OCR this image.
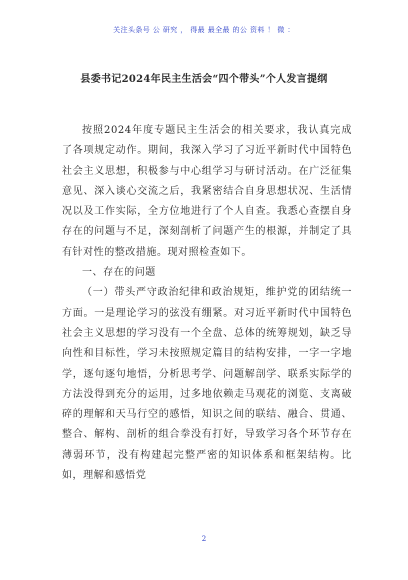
关注头条号 公 研究 ， 得最 最全最 的公 资料 ！ 微 ：
县委书记2024年民主生活会“四个带头”个人发言提纲

按照2024年度专题民主生活会的相关要求，我认真完成了各项规定动作。期间，我深入学习了习近平新时代中国特色社会主义思想，积极参与中心组学习与研讨活动。在广泛征集意见、深入谈心交流之后，我紧密结合自身思想状况、生活情况以及工作实际，全方位地进行了个人自查。我悉心查摆自身存在的问题与不足，深刻剖析了问题产生的根源，并制定了具有针对性的整改措施。现对照检查如下。

一、存在的问题

（一）带头严守政治纪律和政治规矩，维护党的团结统一方面。一是理论学习的弦没有绷紧。对习近平新时代中国特色社会主义思想的学习没有一个全盘、总体的统筹规划，缺乏导向性和目标性，学习未按照规定篇目的结构安排，一字一字地学，逐句逐句地悟，分析思考学、问题解剖学、联系实际学的方法没得到充分的运用，过多地依赖走马观花的浏览、支离破碎的理解和天马行空的感悟，知识之间的联结、融合、贯通、整合、解构、剖析的组合拳没有打好，导致学习各个环节存在薄弱环节，没有构建起完整严密的知识体系和框架结构。比如，理解和感悟党

2
